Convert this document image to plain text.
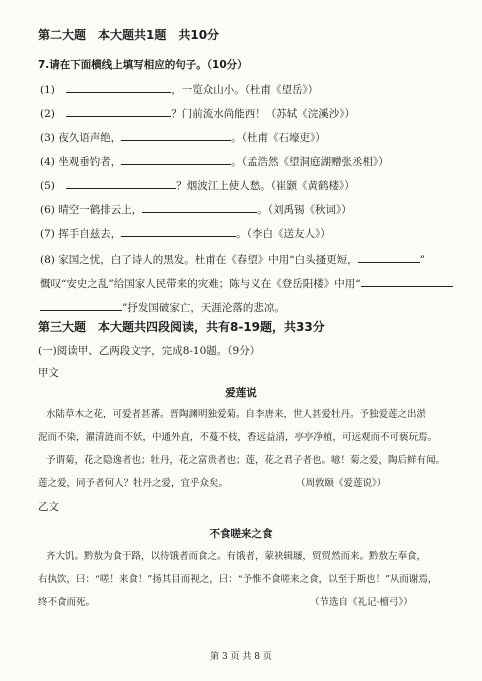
第二大题　本大题共1题　共10分
7.请在下面横线上填写相应的句子。（10分）
(1)	，一览众山小。（杜甫《望岳》）
(2)	？门前流水尚能西！（苏轼《浣溪沙》）
(3) 夜久语声绝，	。（杜甫《石壕吏》）
(4) 坐观垂钓者，	。（孟浩然《望洞庭湖赠张丞相》）
(5)	？烟波江上使人愁。（崔颢《黄鹤楼》）
(6) 晴空一鹤排云上，	。（刘禹锡《秋词》）
(7) 挥手自兹去，	。（李白《送友人》）
(8) 家国之忧，白了诗人的黑发。杜甫在《春望》中用“白头搔更短，	”
慨叹“安史之乱”给国家人民带来的灾难；陈与义在《登岳阳楼》中用“
”抒发国破家亡，天涯沦落的悲凉。
第三大题　本大题共四段阅读，共有8-19题，共33分
(一)阅读甲、乙两段文字，完成8-10题。（9分）
甲文
爱莲说
水陆草木之花，可爱者甚蕃。晋陶渊明独爱菊。自李唐来，世人甚爱牡丹。予独爱莲之出淤
泥而不染，濯清涟而不妖，中通外直，不蔓不枝，香远益清，亭亭净植，可远观而不可亵玩焉。
予谓菊，花之隐逸者也；牡丹，花之富贵者也；莲，花之君子者也。噫！菊之爱，陶后鲜有闻。
莲之爱，同予者何人？牡丹之爱，宜乎众矣。	（周敦颐《爱莲说》）
乙文
不食嗟来之食
齐大饥。黔敖为食于路，以待饿者而食之。有饿者，蒙袂辑屦，贸贸然而来。黔敖左奉食，
右执饮，曰：“嗟！来食！”扬其目而视之，曰：“予惟不食嗟来之食，以至于斯也！”从而谢焉，
终不食而死。	（节选自《礼记·檀弓》）
第 3 页 共 8 页
